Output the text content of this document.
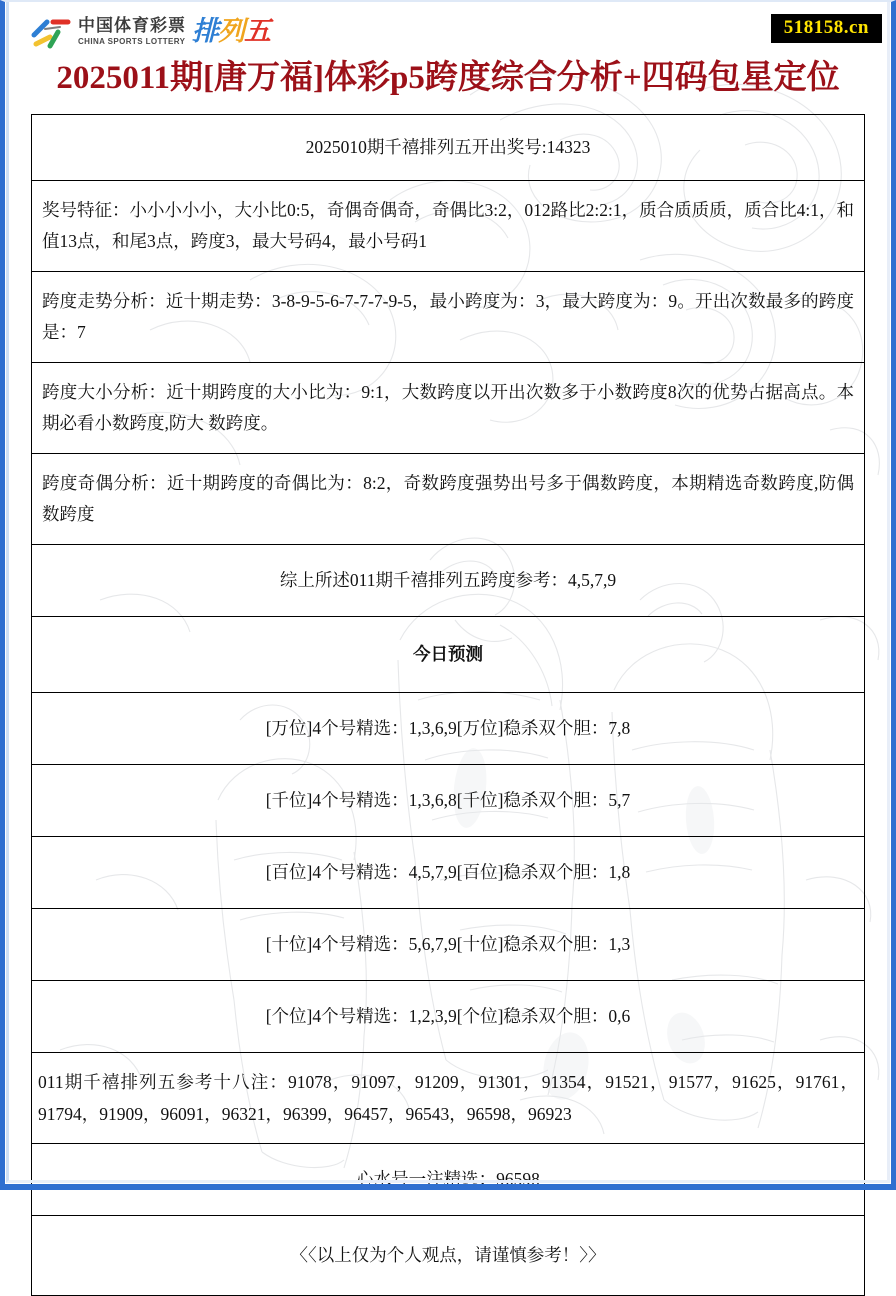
中国体育彩票
CHINA SPORTS LOTTERY 排列五	518158.cn
2025011期[唐万福]体彩p5跨度综合分析+四码包星定位
2025010期千禧排列五开出奖号:14323
奖号特征：小小小小小，大小比0:5，奇偶奇偶奇，奇偶比3:2，012路比2:2:1，质合质质质，质合比4:1，和值13点，和尾3点，跨度3，最大号码4，最小号码1
跨度走势分析：近十期走势：3-8-9-5-6-7-7-7-9-5，最小跨度为：3，最大跨度为：9。开出次数最多的跨度是：7
跨度大小分析：近十期跨度的大小比为：9:1，大数跨度以开出次数多于小数跨度8次的优势占据高点。本期必看小数跨度,防大 数跨度。
跨度奇偶分析：近十期跨度的奇偶比为：8:2，奇数跨度强势出号多于偶数跨度，本期精选奇数跨度,防偶数跨度
综上所述011期千禧排列五跨度参考：4,5,7,9
今日预测
[万位]4个号精选：1,3,6,9[万位]稳杀双个胆：7,8
[千位]4个号精选：1,3,6,8[千位]稳杀双个胆：5,7
[百位]4个号精选：4,5,7,9[百位]稳杀双个胆：1,8
[十位]4个号精选：5,6,7,9[十位]稳杀双个胆：1,3
[个位]4个号精选：1,2,3,9[个位]稳杀双个胆：0,6
011期千禧排列五参考十八注：91078，91097，91209，91301，91354，91521，91577，91625，91761，91794，91909，96091，96321，96399，96457，96543，96598，96923
心水号一注精选：96598
〈〈以上仅为个人观点，请谨慎参考！〉〉
